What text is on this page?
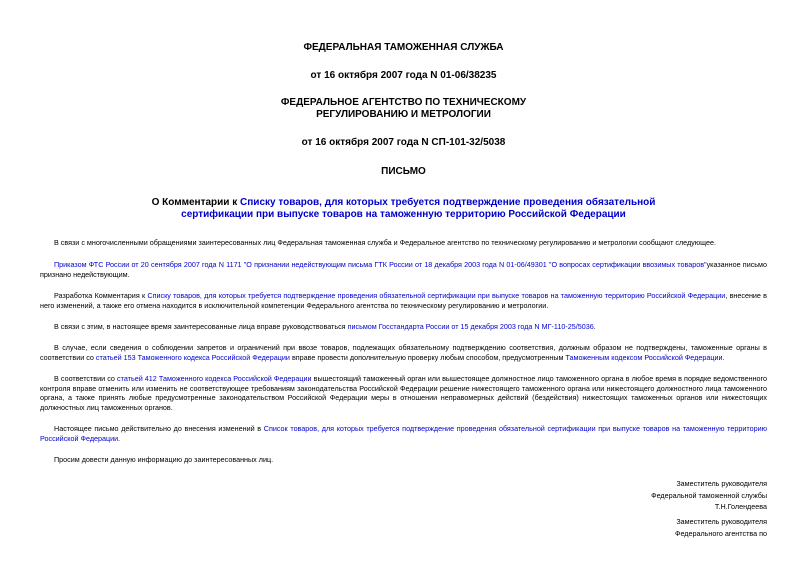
ФЕДЕРАЛЬНАЯ ТАМОЖЕННАЯ СЛУЖБА
от 16 октября 2007 года N 01-06/38235
ФЕДЕРАЛЬНОЕ АГЕНТСТВО ПО ТЕХНИЧЕСКОМУ
РЕГУЛИРОВАНИЮ И МЕТРОЛОГИИ
от 16 октября 2007 года N СП-101-32/5038
ПИСЬМО
О Комментарии к Списку товаров, для которых требуется подтверждение проведения обязательной
сертификации при выпуске товаров на таможенную территорию Российской Федерации
В связи с многочисленными обращениями заинтересованных лиц Федеральная таможенная служба и Федеральное агентство по техническому регулированию и метрологии сообщают следующее.
Приказом ФТС России от 20 сентября 2007 года N 1171 "О признании недействующим письма ГТК России от 18 декабря 2003 года N 01-06/49301 "О вопросах сертификации ввозимых товаров"указанное письмо признано недействующим.
Разработка Комментария к Списку товаров, для которых требуется подтверждение проведения обязательной сертификации при выпуске товаров на таможенную территорию Российской Федерации, внесение в него изменений, а также его отмена находится в исключительной компетенции Федерального агентства по техническому регулированию и метрологии.
В связи с этим, в настоящее время заинтересованные лица вправе руководствоваться письмом Госстандарта России от 15 декабря 2003 года N МГ-110-25/5036.
В случае, если сведения о соблюдении запретов и ограничений при ввозе товаров, подлежащих обязательному подтверждению соответствия, должным образом не подтверждены, таможенные органы в соответствии со статьей 153 Таможенного кодекса Российской Федерации вправе провести дополнительную проверку любым способом, предусмотренным Таможенным кодексом Российской Федерации.
В соответствии со статьей 412 Таможенного кодекса Российской Федерации вышестоящий таможенный орган или вышестоящее должностное лицо таможенного органа в любое время в порядке ведомственного контроля вправе отменить или изменить не соответствующее требованиям законодательства Российской Федерации решение нижестоящего таможенного органа или нижестоящего должностного лица таможенного органа, а также принять любые предусмотренные законодательством Российской Федерации меры в отношении неправомерных действий (бездействия) нижестоящих таможенных органов или нижестоящих должностных лиц таможенных органов.
Настоящее письмо действительно до внесения изменений в Список товаров, для которых требуется подтверждение проведения обязательной сертификации при выпуске товаров на таможенную территорию Российской Федерации.
Просим довести данную информацию до заинтересованных лиц.
Заместитель руководителя
Федеральной таможенной службы
Т.Н.Голендеева
Заместитель руководителя
Федерального агентства по
